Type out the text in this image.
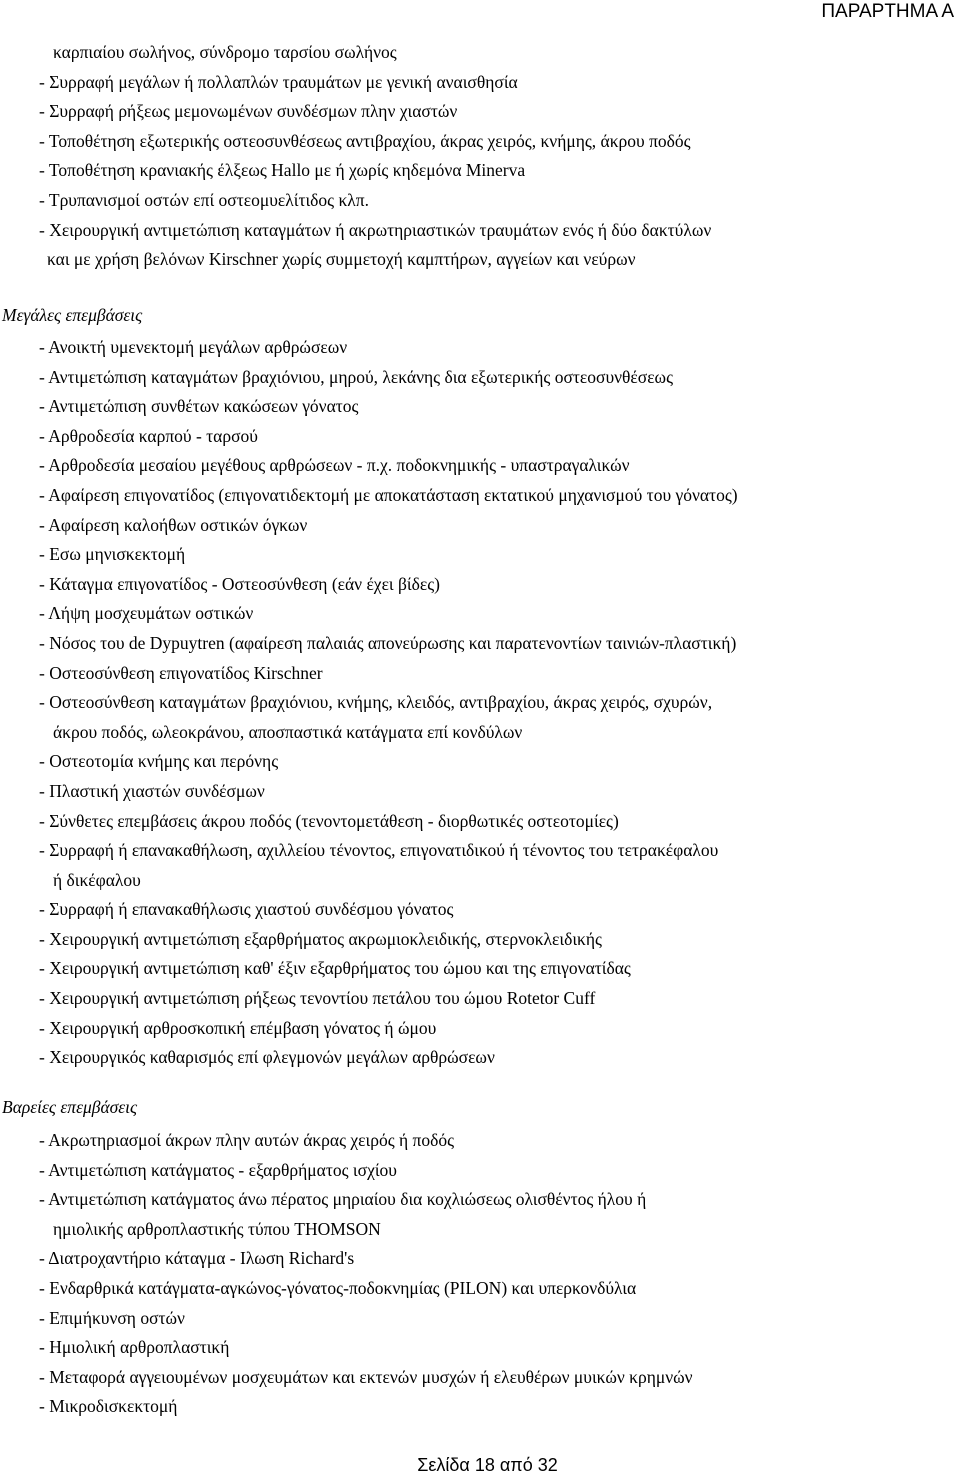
ΠΑΡΑΡΤΗΜΑ Α
καρπιαίου σωλήνος, σύνδρομο ταρσίου σωλήνος
- Συρραφή μεγάλων ή πολλαπλών τραυμάτων με γενική αναισθησία
- Συρραφή ρήξεως μεμονωμένων συνδέσμων πλην χιαστών
- Τοποθέτηση εξωτερικής οστεοσυνθέσεως αντιβραχίου, άκρας χειρός, κνήμης, άκρου ποδός
- Τοποθέτηση κρανιακής έλξεως Hallo με ή χωρίς κηδεμόνα Minerva
- Τρυπανισμοί οστών επί οστεομυελίτιδος κλπ.
- Χειρουργική αντιμετώπιση καταγμάτων ή ακρωτηριαστικών τραυμάτων ενός ή δύο δακτύλων
και με χρήση βελόνων Kirschner χωρίς συμμετοχή καμπτήρων, αγγείων και νεύρων
Μεγάλες επεμβάσεις
- Ανοικτή υμενεκτομή μεγάλων αρθρώσεων
- Αντιμετώπιση καταγμάτων βραχιόνιου, μηρού, λεκάνης δια εξωτερικής οστεοσυνθέσεως
- Αντιμετώπιση συνθέτων κακώσεων γόνατος
- Αρθροδεσία καρπού - ταρσού
- Αρθροδεσία μεσαίου μεγέθους αρθρώσεων - π.χ. ποδοκνημικής - υπαστραγαλικών
- Αφαίρεση επιγονατίδος (επιγονατιδεκτομή με αποκατάσταση εκτατικού μηχανισμού του γόνατος)
- Αφαίρεση καλοήθων οστικών όγκων
- Εσω μηνισκεκτομή
- Κάταγμα επιγονατίδος - Οστεοσύνθεση (εάν έχει βίδες)
- Λήψη μοσχευμάτων οστικών
- Νόσος του de Dypuytren (αφαίρεση παλαιάς απονεύρωσης και παρατενοντίων ταινιών-πλαστική)
- Οστεοσύνθεση επιγονατίδος Kirschner
- Οστεοσύνθεση καταγμάτων βραχιόνιου, κνήμης, κλειδός, αντιβραχίου, άκρας χειρός, σχυρών,
άκρου ποδός, ωλεοκράνου, αποσπαστικά κατάγματα επί κονδύλων
- Οστεοτομία κνήμης και περόνης
- Πλαστική χιαστών συνδέσμων
- Σύνθετες επεμβάσεις άκρου ποδός (τενοντομετάθεση - διορθωτικές οστεοτομίες)
- Συρραφή ή επανακαθήλωση, αχιλλείου τένοντος, επιγονατιδικού ή τένοντος του τετρακέφαλου
ή δικέφαλου
- Συρραφή ή επανακαθήλωσις χιαστού συνδέσμου γόνατος
- Χειρουργική αντιμετώπιση εξαρθρήματος ακρωμιοκλειδικής, στερνοκλειδικής
- Χειρουργική αντιμετώπιση καθ' έξιν εξαρθρήματος του ώμου και της επιγονατίδας
- Χειρουργική αντιμετώπιση ρήξεως τενοντίου πετάλου του ώμου Rotetor Cuff
- Χειρουργική αρθροσκοπική επέμβαση γόνατος ή ώμου
- Χειρουργικός καθαρισμός επί φλεγμονών μεγάλων αρθρώσεων
Βαρείες επεμβάσεις
- Ακρωτηριασμοί άκρων πλην αυτών άκρας χειρός ή ποδός
- Αντιμετώπιση κατάγματος - εξαρθρήματος ισχίου
- Αντιμετώπιση κατάγματος άνω πέρατος μηριαίου δια κοχλιώσεως ολισθέντος ήλου ή
ημιολικής αρθροπλαστικής τύπου THOMSON
- Διατροχαντήριο κάταγμα - Ιλωση Richard's
- Ενδαρθρικά κατάγματα-αγκώνος-γόνατος-ποδοκνημίας (PILON) και υπερκονδύλια
- Επιμήκυνση οστών
- Ημιολική αρθροπλαστική
- Μεταφορά αγγειουμένων μοσχευμάτων και εκτενών μυσχών ή ελευθέρων μυικών κρημνών
- Μικροδισκεκτομή
Σελίδα 18 από 32
